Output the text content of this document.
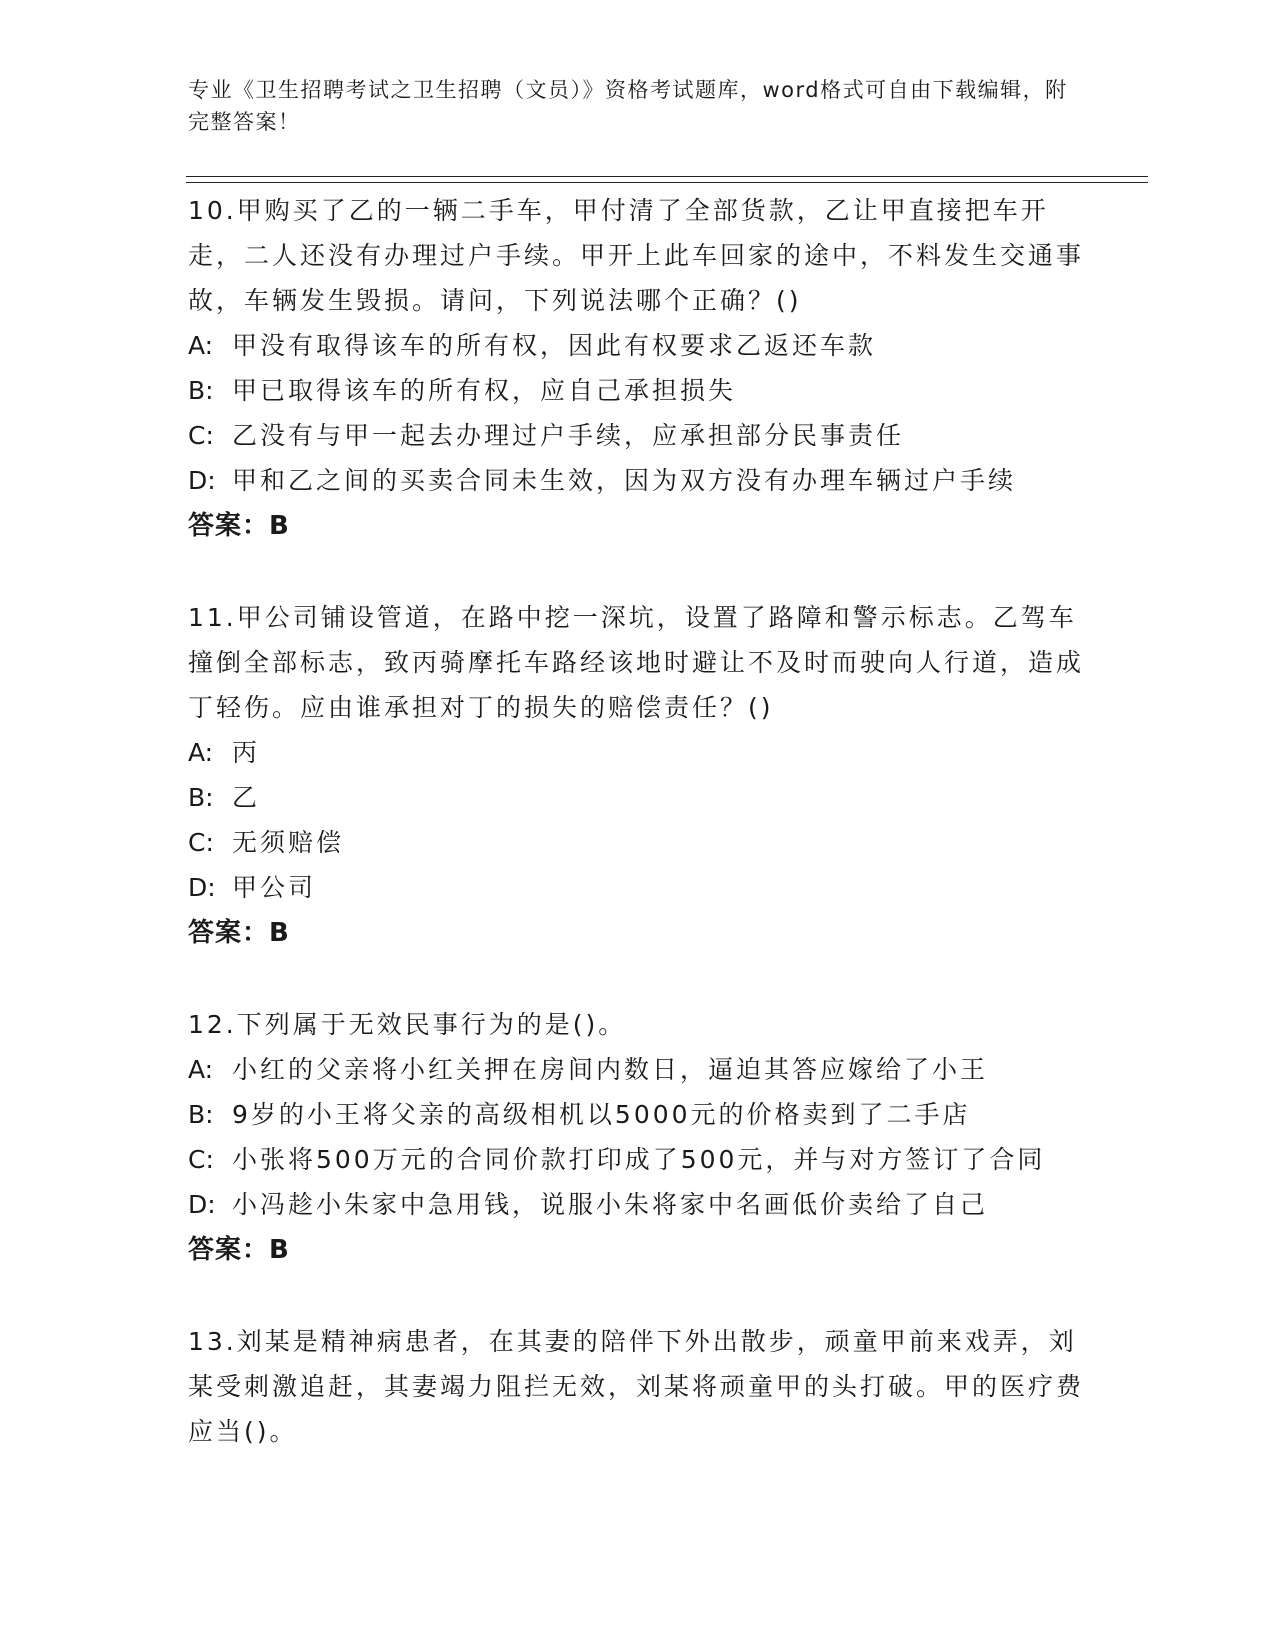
专业《卫生招聘考试之卫生招聘（文员）》资格考试题库，word格式可自由下载编辑，附完整答案！

10.甲购买了乙的一辆二手车，甲付清了全部货款，乙让甲直接把车开走，二人还没有办理过户手续。甲开上此车回家的途中，不料发生交通事故，车辆发生毁损。请问，下列说法哪个正确？()

A: 甲没有取得该车的所有权，因此有权要求乙返还车款
B: 甲已取得该车的所有权，应自己承担损失
C: 乙没有与甲一起去办理过户手续，应承担部分民事责任
D: 甲和乙之间的买卖合同未生效，因为双方没有办理车辆过户手续
答案：B

11.甲公司铺设管道，在路中挖一深坑，设置了路障和警示标志。乙驾车撞倒全部标志，致丙骑摩托车路经该地时避让不及时而驶向人行道，造成丁轻伤。应由谁承担对丁的损失的赔偿责任？()

A: 丙
B: 乙
C: 无须赔偿
D: 甲公司
答案：B

12.下列属于无效民事行为的是()。

A: 小红的父亲将小红关押在房间内数日，逼迫其答应嫁给了小王
B: 9岁的小王将父亲的高级相机以5000元的价格卖到了二手店
C: 小张将500万元的合同价款打印成了500元，并与对方签订了合同
D: 小冯趁小朱家中急用钱，说服小朱将家中名画低价卖给了自己
答案：B

13.刘某是精神病患者，在其妻的陪伴下外出散步，顽童甲前来戏弄，刘某受刺激追赶，其妻竭力阻拦无效，刘某将顽童甲的头打破。甲的医疗费应当()。
